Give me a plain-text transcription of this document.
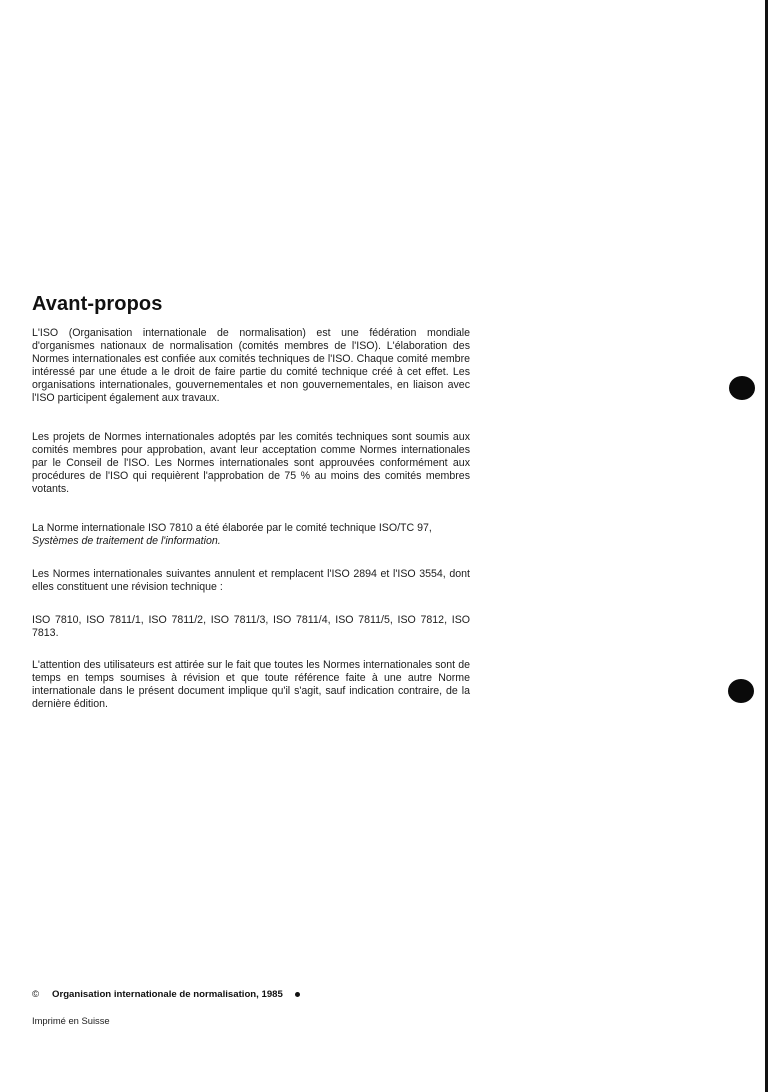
Avant-propos

L'ISO (Organisation internationale de normalisation) est une fédération mondiale d'organismes nationaux de normalisation (comités membres de l'ISO). L'élaboration des Normes internationales est confiée aux comités techniques de l'ISO. Chaque comité membre intéressé par une étude a le droit de faire partie du comité technique créé à cet effet. Les organisations internationales, gouvernementales et non gouvernementales, en liaison avec l'ISO participent également aux travaux.

Les projets de Normes internationales adoptés par les comités techniques sont soumis aux comités membres pour approbation, avant leur acceptation comme Normes internationales par le Conseil de l'ISO. Les Normes internationales sont approuvées conformément aux procédures de l'ISO qui requièrent l'approbation de 75 % au moins des comités membres votants.

La Norme internationale ISO 7810 a été élaborée par le comité technique ISO/TC 97,
Systèmes de traitement de l'information.

Les Normes internationales suivantes annulent et remplacent l'ISO 2894 et l'ISO 3554, dont elles constituent une révision technique :

ISO 7810, ISO 7811/1, ISO 7811/2, ISO 7811/3, ISO 7811/4, ISO 7811/5, ISO 7812, ISO 7813.

L'attention des utilisateurs est attirée sur le fait que toutes les Normes internationales sont de temps en temps soumises à révision et que toute référence faite à une autre Norme internationale dans le présent document implique qu'il s'agit, sauf indication contraire, de la dernière édition.

©	Organisation internationale de normalisation, 1985
Imprimé en Suisse
